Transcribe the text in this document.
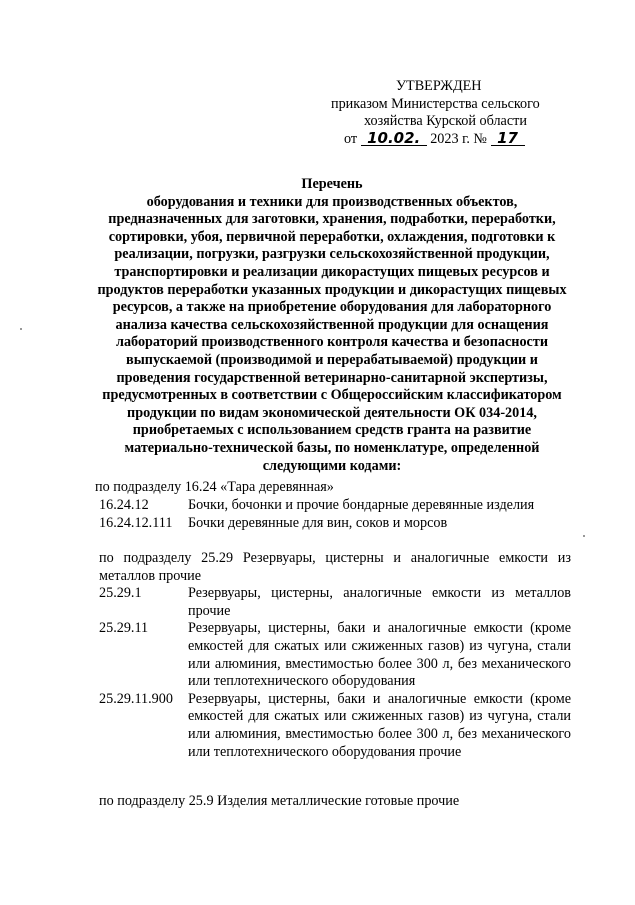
УТВЕРЖДЕН
приказом Министерства сельского
хозяйства Курской области
от 10.02. 2023 г. № 17
Перечень
оборудования и техники для производственных объектов, предназначенных для заготовки, хранения, подработки, переработки, сортировки, убоя, первичной переработки, охлаждения, подготовки к реализации, погрузки, разгрузки сельскохозяйственной продукции, транспортировки и реализации дикорастущих пищевых ресурсов и продуктов переработки указанных продукции и дикорастущих пищевых ресурсов, а также на приобретение оборудования для лабораторного анализа качества сельскохозяйственной продукции для оснащения лабораторий производственного контроля качества и безопасности выпускаемой (производимой и перерабатываемой) продукции и проведения государственной ветеринарно-санитарной экспертизы, предусмотренных в соответствии с Общероссийским классификатором продукции по видам экономической деятельности ОК 034-2014, приобретаемых с использованием средств гранта на развитие материально-технической базы, по номенклатуре, определенной следующими кодами:
по подразделу 16.24 «Тара деревянная»
16.24.12	Бочки, бочонки и прочие бондарные деревянные изделия
16.24.12.111 Бочки деревянные для вин, соков и морсов
по подразделу 25.29 Резервуары, цистерны и аналогичные емкости из металлов прочие
25.29.1	Резервуары, цистерны, аналогичные емкости из металлов прочие
25.29.11	Резервуары, цистерны, баки и аналогичные емкости (кроме емкостей для сжатых или сжиженных газов) из чугуна, стали или алюминия, вместимостью более 300 л, без механического или теплотехнического оборудования
25.29.11.900 Резервуары, цистерны, баки и аналогичные емкости (кроме емкостей для сжатых или сжиженных газов) из чугуна, стали или алюминия, вместимостью более 300 л, без механического или теплотехнического оборудования прочие
по подразделу 25.9 Изделия металлические готовые прочие
